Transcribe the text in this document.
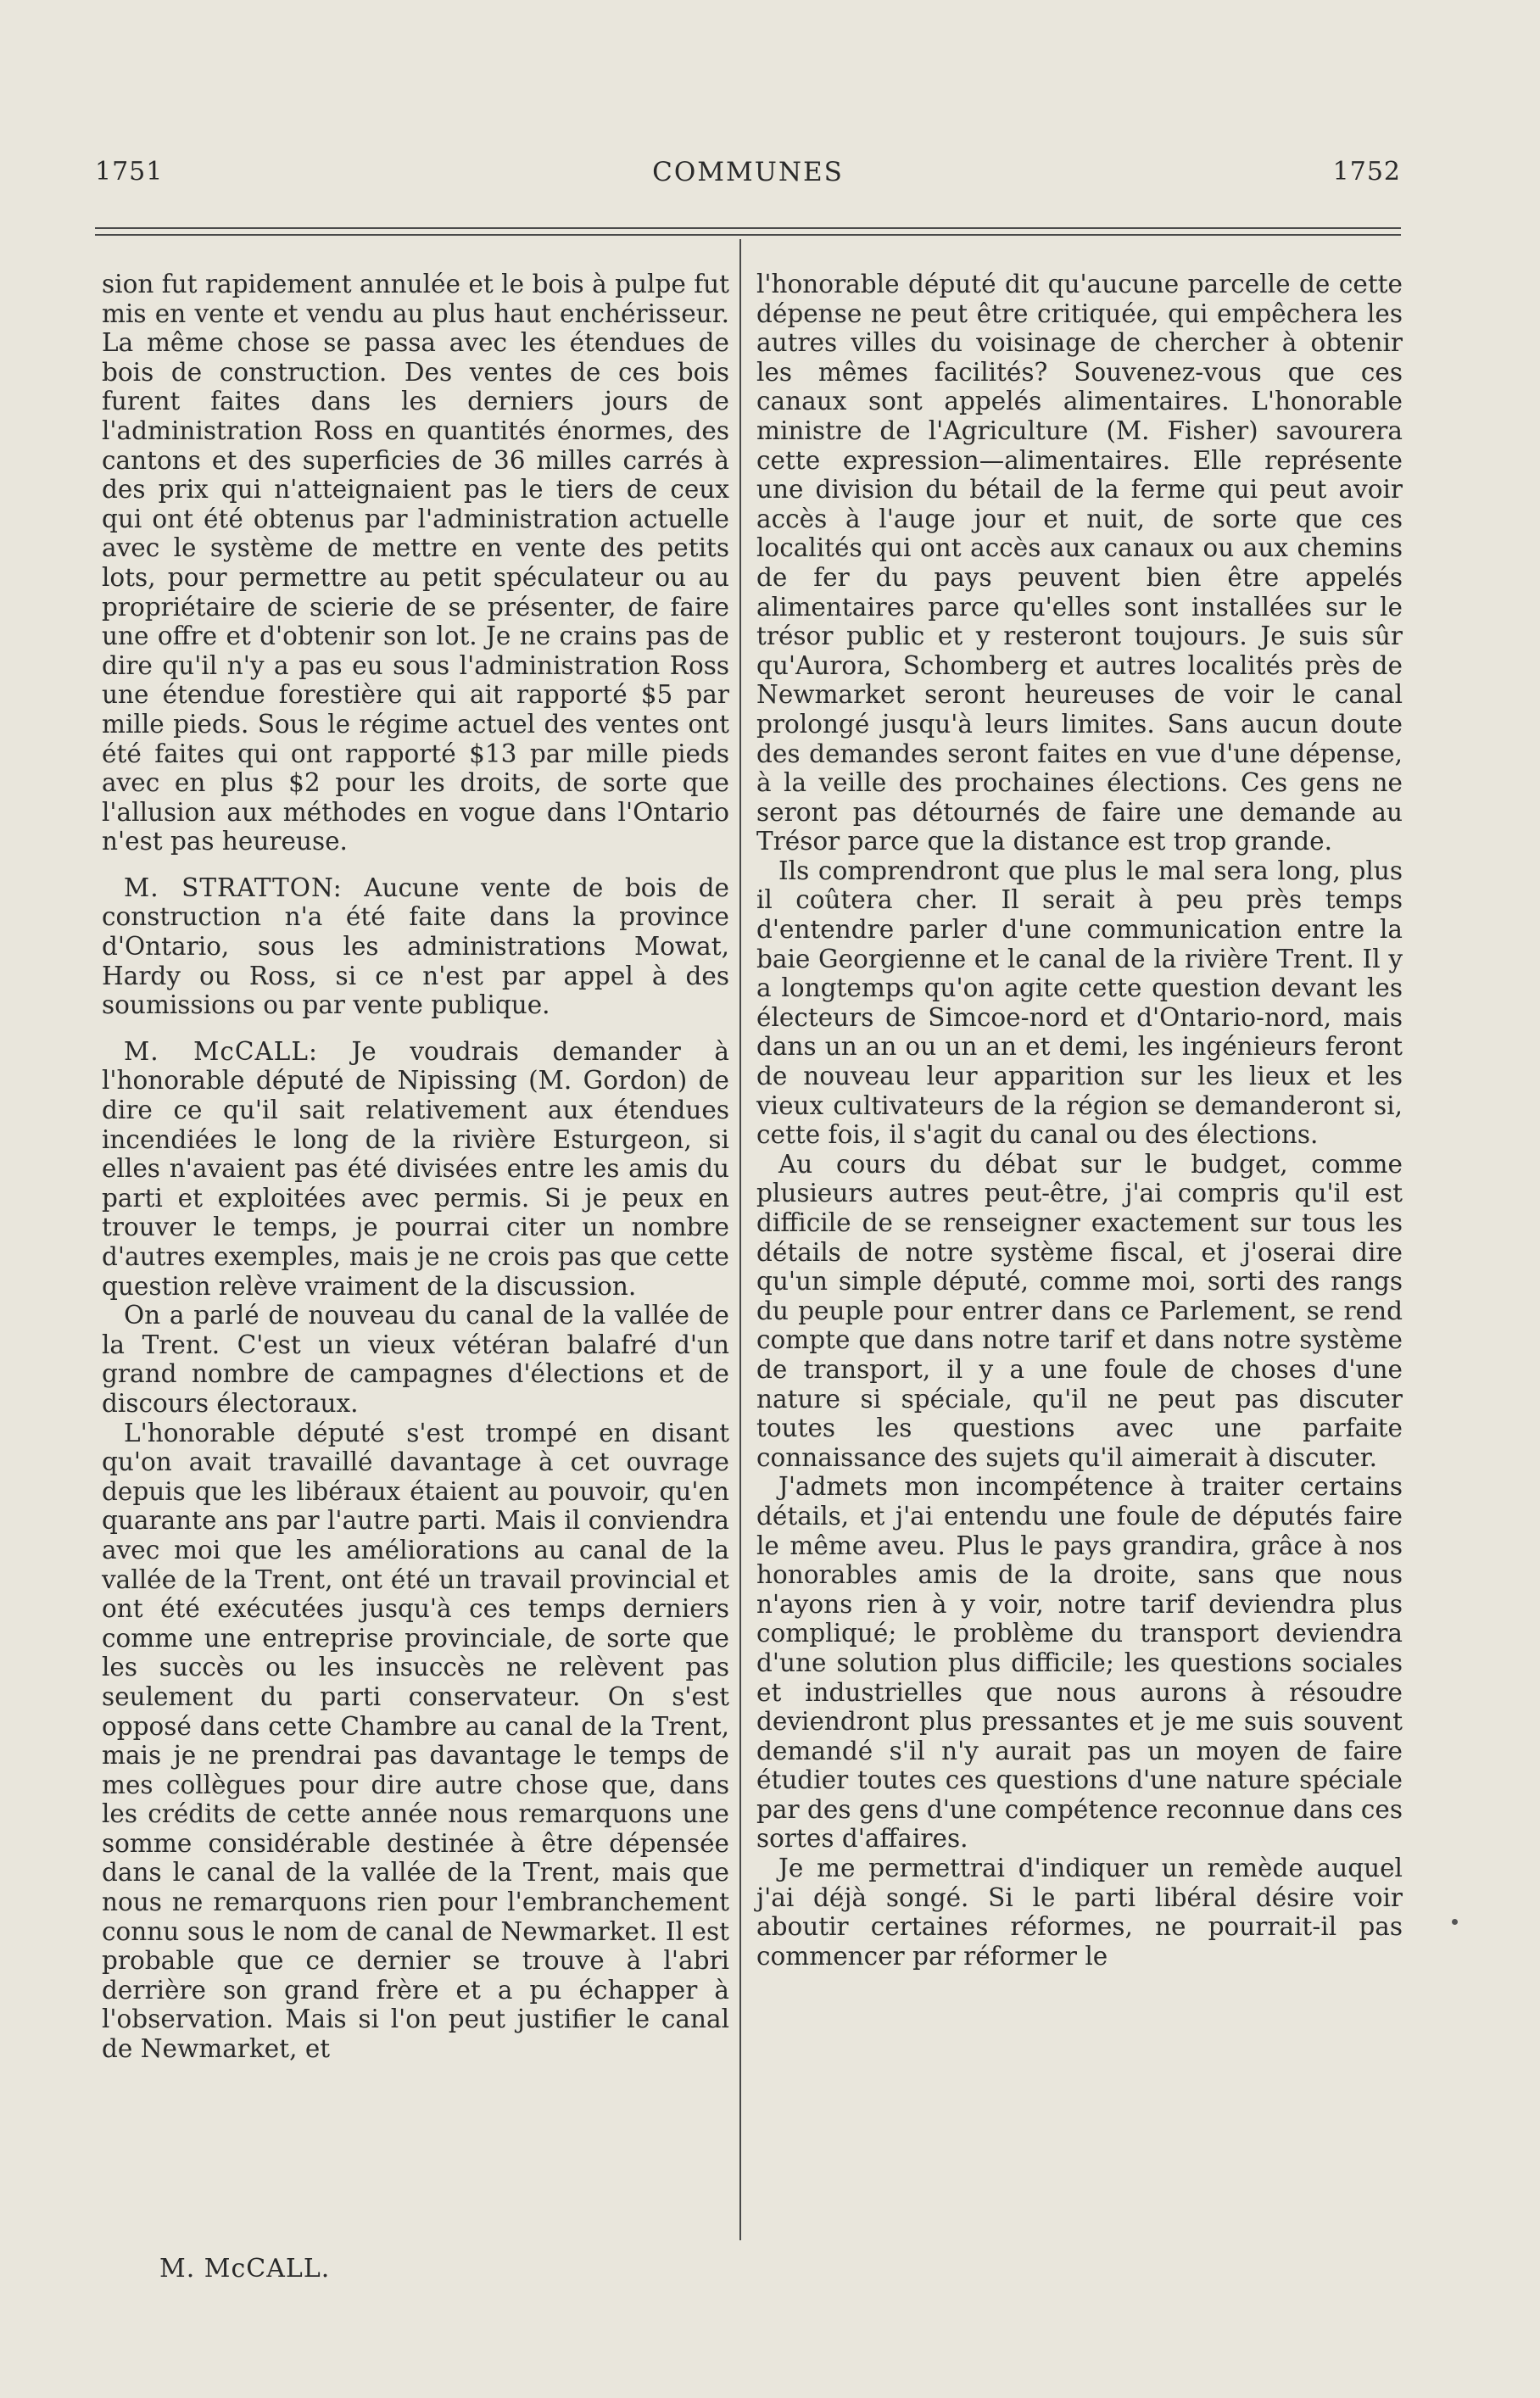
1751	COMMUNES	1752

sion fut rapidement annulée et le bois à pulpe fut mis en vente et vendu au plus haut enchérisseur. La même chose se passa avec les étendues de bois de construction. Des ventes de ces bois furent faites dans les derniers jours de l'administration Ross en quantités énormes, des cantons et des superficies de 36 milles carrés à des prix qui n'atteignaient pas le tiers de ceux qui ont été obtenus par l'administration actuelle avec le système de mettre en vente des petits lots, pour permettre au petit spéculateur ou au propriétaire de scierie de se présenter, de faire une offre et d'obtenir son lot. Je ne crains pas de dire qu'il n'y a pas eu sous l'administration Ross une étendue forestière qui ait rapporté $5 par mille pieds. Sous le régime actuel des ventes ont été faites qui ont rapporté $13 par mille pieds avec en plus $2 pour les droits, de sorte que l'allusion aux méthodes en vogue dans l'Ontario n'est pas heureuse.

M. STRATTON: Aucune vente de bois de construction n'a été faite dans la province d'Ontario, sous les administrations Mowat, Hardy ou Ross, si ce n'est par appel à des soumissions ou par vente publique.

M. McCALL: Je voudrais demander à l'honorable député de Nipissing (M. Gordon) de dire ce qu'il sait relativement aux étendues incendiées le long de la rivière Esturgeon, si elles n'avaient pas été divisées entre les amis du parti et exploitées avec permis. Si je peux en trouver le temps, je pourrai citer un nombre d'autres exemples, mais je ne crois pas que cette question relève vraiment de la discussion.

On a parlé de nouveau du canal de la vallée de la Trent. C'est un vieux vétéran balafré d'un grand nombre de campagnes d'élections et de discours électoraux.

L'honorable député s'est trompé en disant qu'on avait travaillé davantage à cet ouvrage depuis que les libéraux étaient au pouvoir, qu'en quarante ans par l'autre parti. Mais il conviendra avec moi que les améliorations au canal de la vallée de la Trent, ont été un travail provincial et ont été exécutées jusqu'à ces temps derniers comme une entreprise provinciale, de sorte que les succès ou les insuccès ne relèvent pas seulement du parti conservateur. On s'est opposé dans cette Chambre au canal de la Trent, mais je ne prendrai pas davantage le temps de mes collègues pour dire autre chose que, dans les crédits de cette année nous remarquons une somme considérable destinée à être dépensée dans le canal de la vallée de la Trent, mais que nous ne remarquons rien pour l'embranchement connu sous le nom de canal de Newmarket. Il est probable que ce dernier se trouve à l'abri derrière son grand frère et a pu échapper à l'observation. Mais si l'on peut justifier le canal de Newmarket, et

l'honorable député dit qu'aucune parcelle de cette dépense ne peut être critiquée, qui empêchera les autres villes du voisinage de chercher à obtenir les mêmes facilités? Souvenez-vous que ces canaux sont appelés alimentaires. L'honorable ministre de l'Agriculture (M. Fisher) savourera cette expression—alimentaires. Elle représente une division du bétail de la ferme qui peut avoir accès à l'auge jour et nuit, de sorte que ces localités qui ont accès aux canaux ou aux chemins de fer du pays peuvent bien être appelés alimentaires parce qu'elles sont installées sur le trésor public et y resteront toujours. Je suis sûr qu'Aurora, Schomberg et autres localités près de Newmarket seront heureuses de voir le canal prolongé jusqu'à leurs limites. Sans aucun doute des demandes seront faites en vue d'une dépense, à la veille des prochaines élections. Ces gens ne seront pas détournés de faire une demande au Trésor parce que la distance est trop grande.

Ils comprendront que plus le mal sera long, plus il coûtera cher. Il serait à peu près temps d'entendre parler d'une communication entre la baie Georgienne et le canal de la rivière Trent. Il y a longtemps qu'on agite cette question devant les électeurs de Simcoe-nord et d'Ontario-nord, mais dans un an ou un an et demi, les ingénieurs feront de nouveau leur apparition sur les lieux et les vieux cultivateurs de la région se demanderont si, cette fois, il s'agit du canal ou des élections.

Au cours du débat sur le budget, comme plusieurs autres peut-être, j'ai compris qu'il est difficile de se renseigner exactement sur tous les détails de notre système fiscal, et j'oserai dire qu'un simple député, comme moi, sorti des rangs du peuple pour entrer dans ce Parlement, se rend compte que dans notre tarif et dans notre système de transport, il y a une foule de choses d'une nature si spéciale, qu'il ne peut pas discuter toutes les questions avec une parfaite connaissance des sujets qu'il aimerait à discuter.

J'admets mon incompétence à traiter certains détails, et j'ai entendu une foule de députés faire le même aveu. Plus le pays grandira, grâce à nos honorables amis de la droite, sans que nous n'ayons rien à y voir, notre tarif deviendra plus compliqué; le problème du transport deviendra d'une solution plus difficile; les questions sociales et industrielles que nous aurons à résoudre deviendront plus pressantes et je me suis souvent demandé s'il n'y aurait pas un moyen de faire étudier toutes ces questions d'une nature spéciale par des gens d'une compétence reconnue dans ces sortes d'affaires.

Je me permettrai d'indiquer un remède auquel j'ai déjà songé. Si le parti libéral désire voir aboutir certaines réformes, ne pourrait-il pas commencer par réformer le

M. McCALL.
